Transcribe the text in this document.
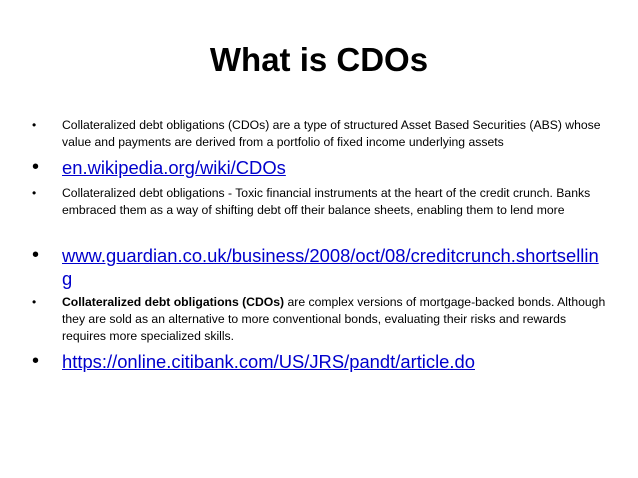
What is CDOs
• Collateralized debt obligations (CDOs) are a type of structured Asset Based Securities (ABS) whose value and payments are derived from a portfolio of fixed income underlying assets
• en.wikipedia.org/wiki/CDOs
• Collateralized debt obligations - Toxic financial instruments at the heart of the credit crunch. Banks embraced them as a way of shifting debt off their balance sheets, enabling them to lend more
• www.guardian.co.uk/business/2008/oct/08/creditcrunch.shortselling
• Collateralized debt obligations (CDOs) are complex versions of mortgage-backed bonds. Although they are sold as an alternative to more conventional bonds, evaluating their risks and rewards requires more specialized skills.
• https://online.citibank.com/US/JRS/pandt/article.do
